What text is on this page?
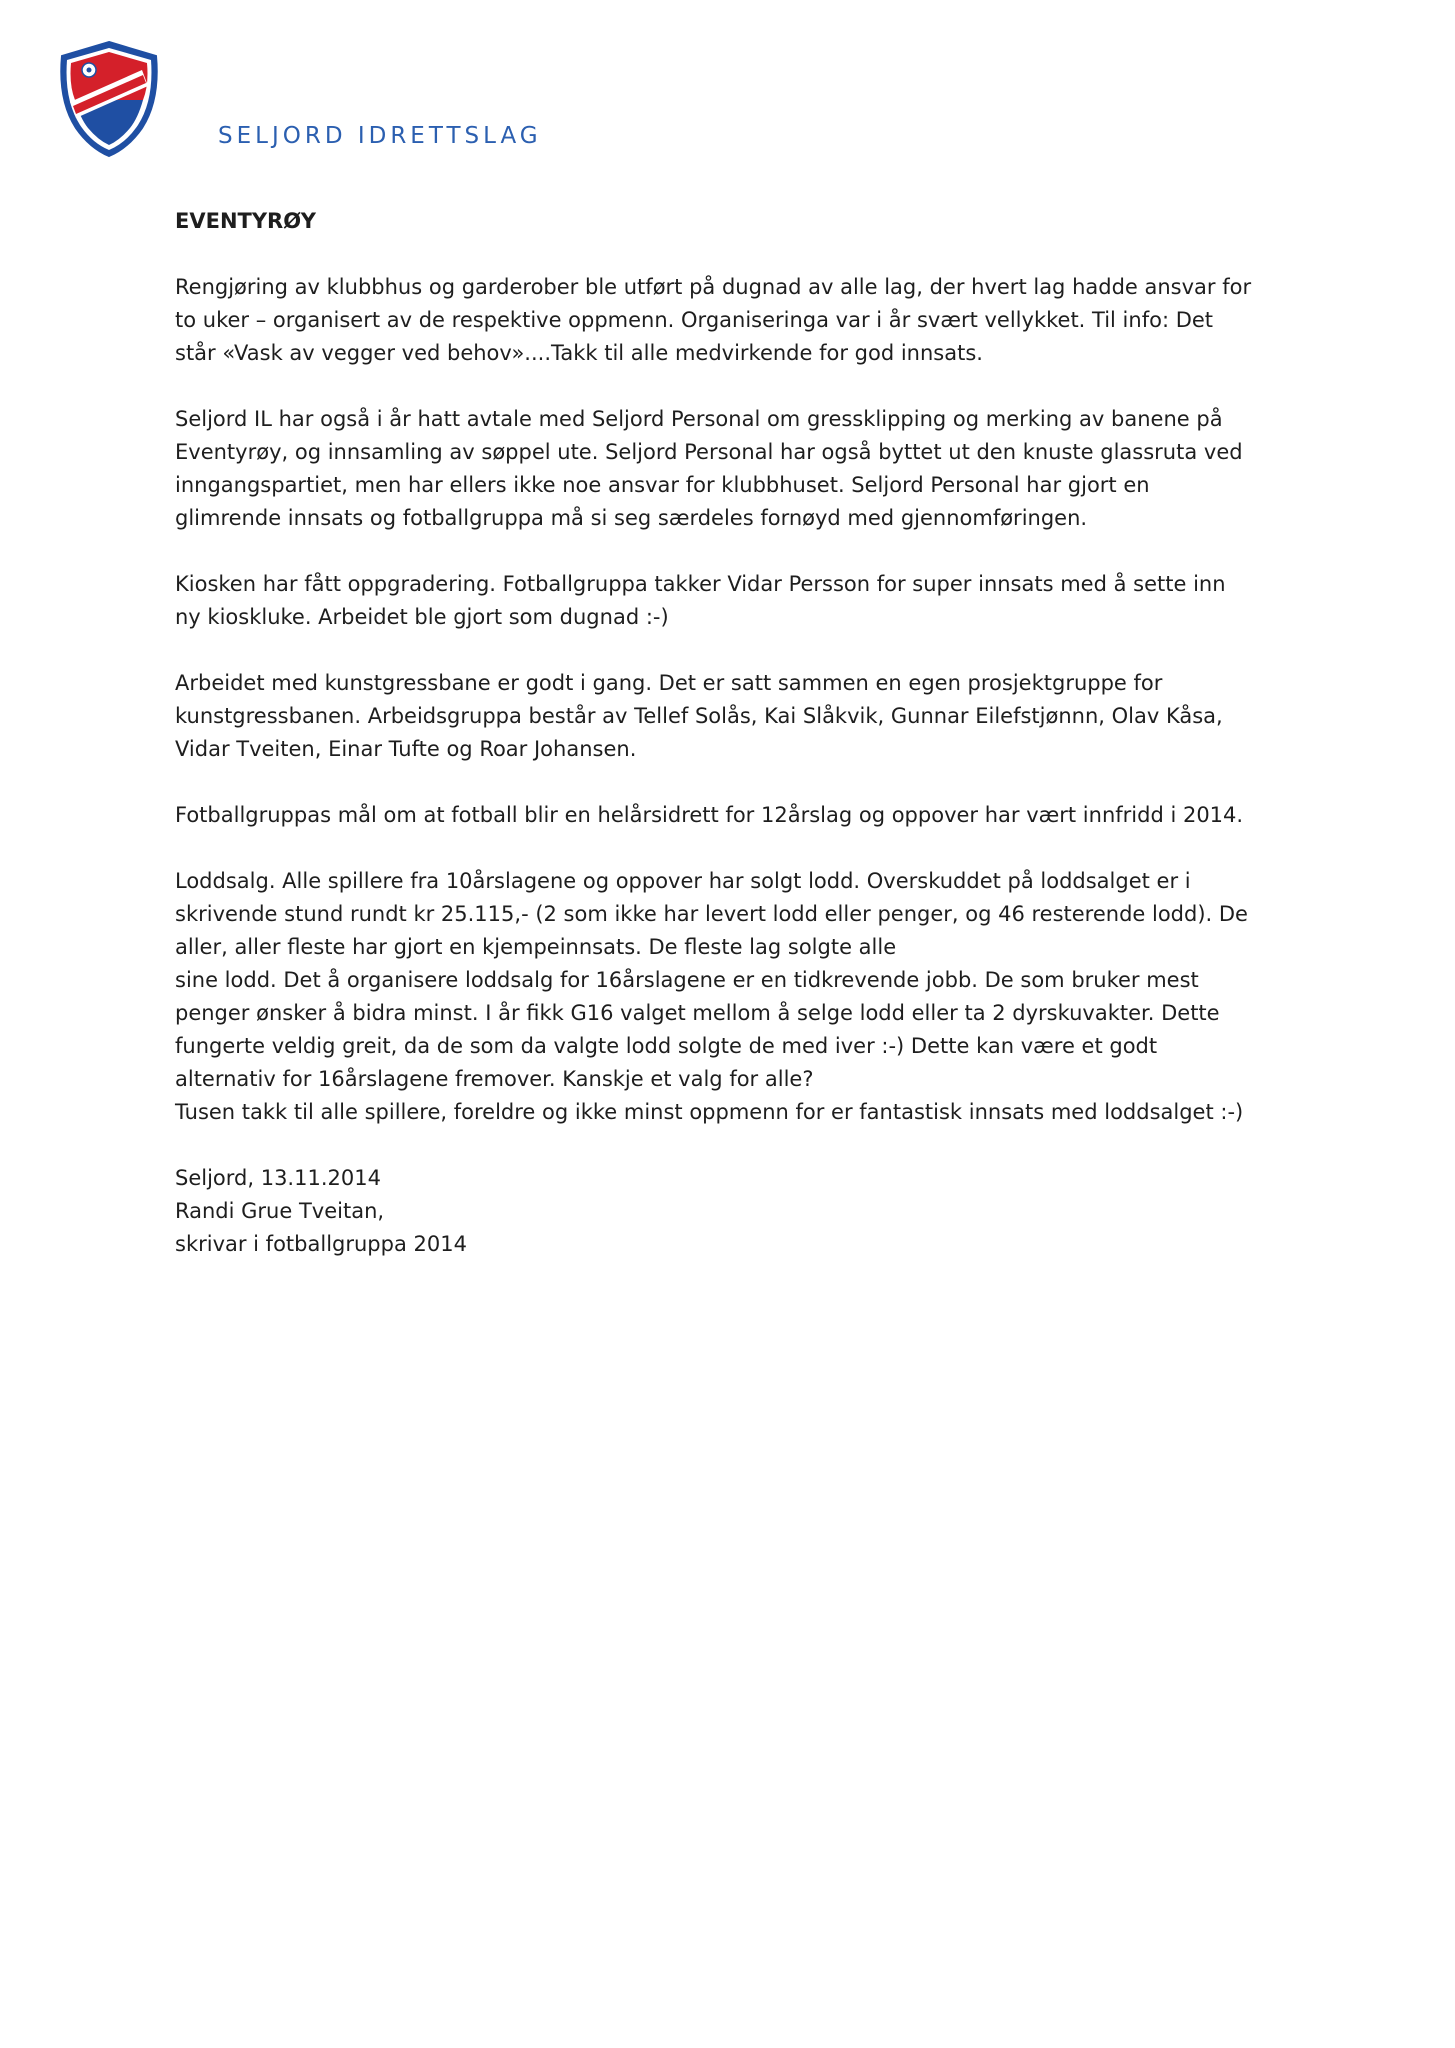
SELJORD IDRETTSLAG
EVENTYRØY
Rengjøring av klubbhus og garderober ble utført på dugnad av alle lag, der hvert lag hadde ansvar for
to uker – organisert av de respektive oppmenn. Organiseringa var i år svært vellykket. Til info: Det
står «Vask av vegger ved behov»....Takk til alle medvirkende for god innsats.
Seljord IL har også i år hatt avtale med Seljord Personal om gressklipping og merking av banene på
Eventyrøy, og innsamling av søppel ute. Seljord Personal har også byttet ut den knuste glassruta ved
inngangspartiet, men har ellers ikke noe ansvar for klubbhuset. Seljord Personal har gjort en
glimrende innsats og fotballgruppa må si seg særdeles fornøyd med gjennomføringen.
Kiosken har fått oppgradering. Fotballgruppa takker Vidar Persson for super innsats med å sette inn
ny kioskluke. Arbeidet ble gjort som dugnad :-)
Arbeidet med kunstgressbane er godt i gang. Det er satt sammen en egen prosjektgruppe for
kunstgressbanen. Arbeidsgruppa består av Tellef Solås, Kai Slåkvik, Gunnar Eilefstjønnn, Olav Kåsa,
Vidar Tveiten, Einar Tufte og Roar Johansen.
Fotballgruppas mål om at fotball blir en helårsidrett for 12årslag og oppover har vært innfridd i 2014.
Loddsalg. Alle spillere fra 10årslagene og oppover har solgt lodd. Overskuddet på loddsalget er i
skrivende stund rundt kr 25.115,- (2 som ikke har levert lodd eller penger, og 46 resterende lodd). De
aller, aller fleste har gjort en kjempeinnsats. De fleste lag solgte alle
sine lodd. Det å organisere loddsalg for 16årslagene er en tidkrevende jobb. De som bruker mest
penger ønsker å bidra minst. I år fikk G16 valget mellom å selge lodd eller ta 2 dyrskuvakter. Dette
fungerte veldig greit, da de som da valgte lodd solgte de med iver :-) Dette kan være et godt
alternativ for 16årslagene fremover. Kanskje et valg for alle?
Tusen takk til alle spillere, foreldre og ikke minst oppmenn for er fantastisk innsats med loddsalget :-)
Seljord, 13.11.2014
Randi Grue Tveitan,
skrivar i fotballgruppa 2014
